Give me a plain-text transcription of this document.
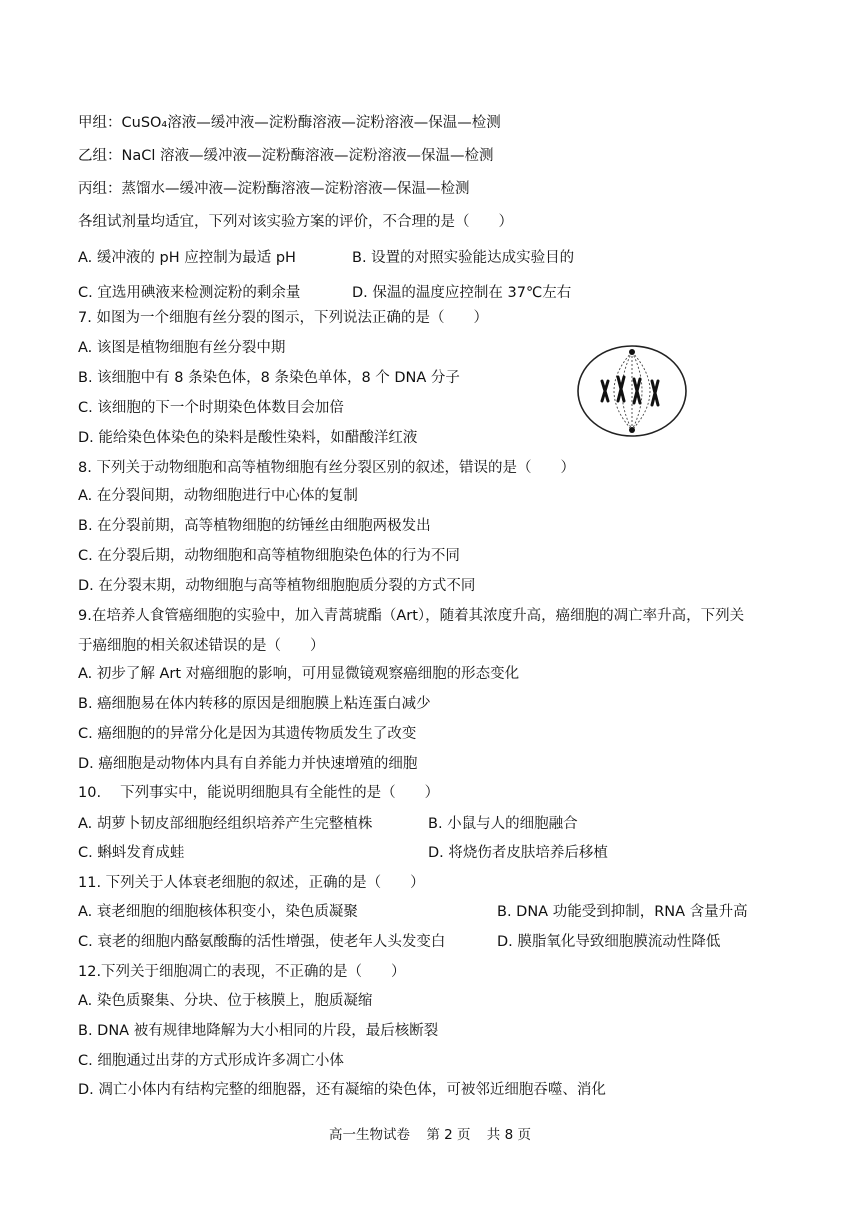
甲组：CuSO₄溶液—缓冲液—淀粉酶溶液—淀粉溶液—保温—检测
乙组：NaCl 溶液—缓冲液—淀粉酶溶液—淀粉溶液—保温—检测
丙组：蒸馏水—缓冲液—淀粉酶溶液—淀粉溶液—保温—检测
各组试剂量均适宜，下列对该实验方案的评价，不合理的是（　　）
A. 缓冲液的 pH 应控制为最适 pH	B. 设置的对照实验能达成实验目的
C. 宜选用碘液来检测淀粉的剩余量	D. 保温的温度应控制在 37℃左右
7. 如图为一个细胞有丝分裂的图示，下列说法正确的是（　　）
A. 该图是植物细胞有丝分裂中期
B. 该细胞中有 8 条染色体，8 条染色单体，8 个 DNA 分子
C. 该细胞的下一个时期染色体数目会加倍
D. 能给染色体染色的染料是酸性染料，如醋酸洋红液
8. 下列关于动物细胞和高等植物细胞有丝分裂区别的叙述，错误的是（　　）
A. 在分裂间期，动物细胞进行中心体的复制
B. 在分裂前期，高等植物细胞的纺锤丝由细胞两极发出
C. 在分裂后期，动物细胞和高等植物细胞染色体的行为不同
D. 在分裂末期，动物细胞与高等植物细胞胞质分裂的方式不同
9.在培养人食管癌细胞的实验中，加入青蒿琥酯（Art），随着其浓度升高，癌细胞的凋亡率升高，下列关
于癌细胞的相关叙述错误的是（　　）
A. 初步了解 Art 对癌细胞的影响，可用显微镜观察癌细胞的形态变化
B. 癌细胞易在体内转移的原因是细胞膜上粘连蛋白减少
C. 癌细胞的的异常分化是因为其遗传物质发生了改变
D. 癌细胞是动物体内具有自养能力并快速增殖的细胞
10.　 下列事实中，能说明细胞具有全能性的是（　　）
A. 胡萝卜韧皮部细胞经组织培养产生完整植株	B. 小鼠与人的细胞融合
C. 蝌蚪发育成蛙	D. 将烧伤者皮肤培养后移植
11. 下列关于人体衰老细胞的叙述，正确的是（　　）
A. 衰老细胞的细胞核体积变小，染色质凝聚	B. DNA 功能受到抑制，RNA 含量升高
C. 衰老的细胞内酪氨酸酶的活性增强，使老年人头发变白	D. 膜脂氧化导致细胞膜流动性降低
12.下列关于细胞凋亡的表现，不正确的是（　　）
A. 染色质聚集、分块、位于核膜上，胞质凝缩
B. DNA 被有规律地降解为大小相同的片段，最后核断裂
C. 细胞通过出芽的方式形成许多凋亡小体
D. 凋亡小体内有结构完整的细胞器，还有凝缩的染色体，可被邻近细胞吞噬、消化
高一生物试卷 第 2 页 共 8 页
